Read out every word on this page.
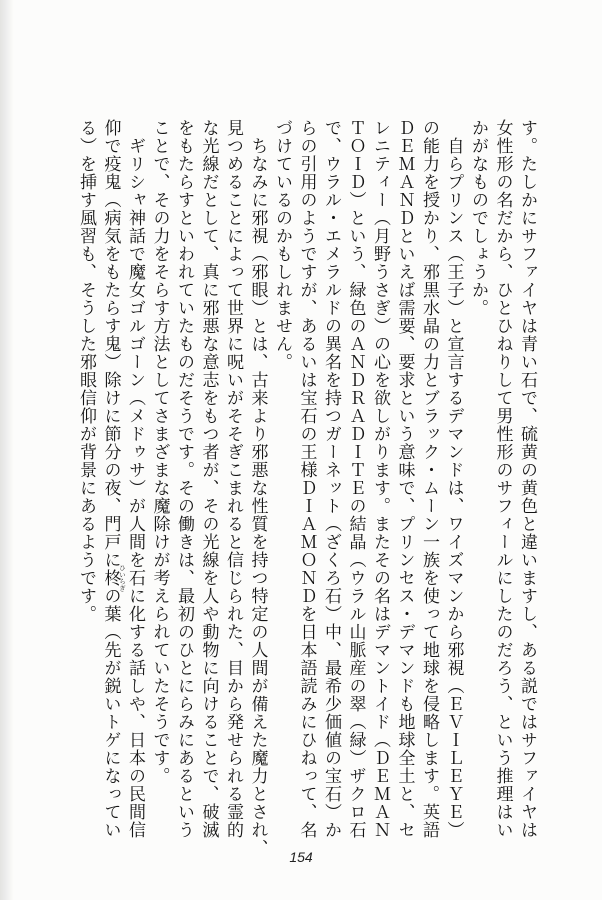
す。たしかにサファイヤは青い石で、硫黄の黄色と違いますし、ある説ではサファイヤは
女性形の名だから、ひとひねりして男性形のサフィールにしたのだろう、という推理はい
かがなものでしょうか。
自らプリンス（王子）と宣言するデマンドは、ワイズマンから邪視（ＥＶＩＬＥＹＥ）
の能力を授かり、邪黒水晶の力とブラック・ムーン一族を使って地球を侵略します。英語
ＤＥＭＡＮＤといえば需要、要求という意味で、プリンセス・デマンドも地球全土と、セ
レニティー（月野うさぎ）の心を欲しがります。またその名はデマントイド（ＤＥＭＡＮ
ＴＯＩＤ）という、緑色のＡＮＤＲＡＤＩＴＥの結晶（ウラル山脈産の翠（緑）ザクロ石
で、ウラル・エメラルドの異名を持つガーネット（ざくろ石）中、最希少価値の宝石）か
らの引用のようですが、あるいは宝石の王様ＤＩＡＭＯＮＤを日本語読みにひねって、名
づけているのかもしれません。
ちなみに邪視（邪眼）とは、古来より邪悪な性質を持つ特定の人間が備えた魔力とされ、
見つめることによって世界に呪いがそそぎこまれると信じられた、目から発せられる霊的
な光線だとして、真に邪悪な意志をもつ者が、その光線を人や動物に向けることで、破滅
をもたらすといわれていたものだそうです。その働きは、最初のひとにらみにあるという
ことで、その力をそらす方法としてさまざまな魔除けが考えられていたそうです。
ギリシャ神話で魔女ゴルゴーン（メドゥサ）が人間を石に化する話しや、日本の民間信
仰で疫鬼（病気をもたらす鬼）除けに節分の夜、門戸に柊
ひいらぎ
の葉（先が鋭いトゲになってい
る）を挿す風習も、そうした邪眼信仰が背景にあるようです。
154
